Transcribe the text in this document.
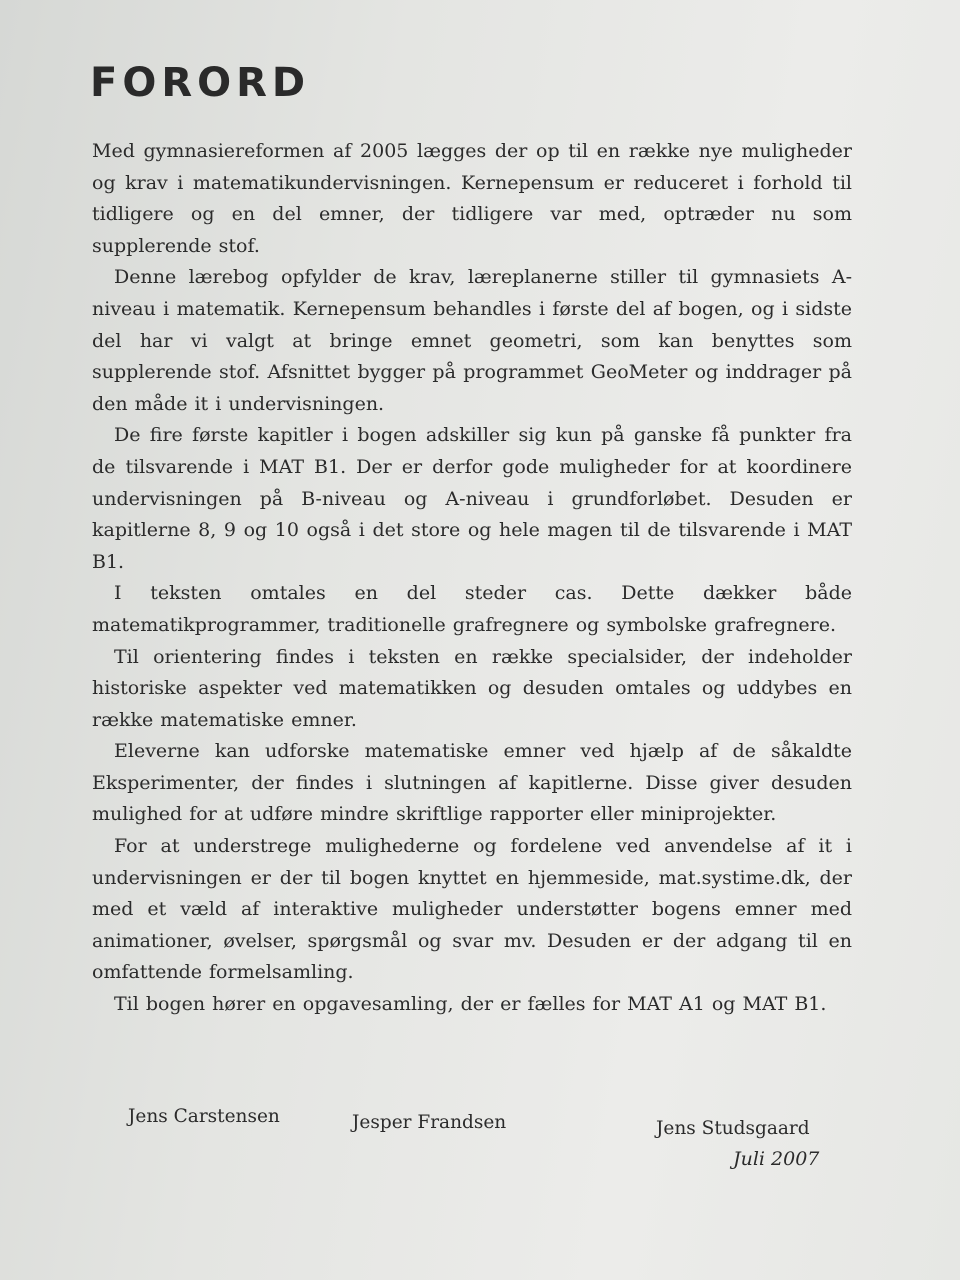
FORORD

Med gymnasiereformen af 2005 lægges der op til en række nye muligheder og krav i matematikundervisningen. Kernepensum er reduceret i forhold til tidligere og en del emner, der tidligere var med, optræder nu som supplerende stof.

Denne lærebog opfylder de krav, læreplanerne stiller til gymnasiets A-niveau i matematik. Kernepensum behandles i første del af bogen, og i sidste del har vi valgt at bringe emnet geometri, som kan benyttes som supplerende stof. Afsnittet bygger på programmet GeoMeter og inddrager på den måde it i undervisningen.

De fire første kapitler i bogen adskiller sig kun på ganske få punkter fra de tilsvarende i MAT B1. Der er derfor gode muligheder for at koordinere undervisningen på B-niveau og A-niveau i grundforløbet. Desuden er kapitlerne 8, 9 og 10 også i det store og hele magen til de tilsvarende i MAT B1.

I teksten omtales en del steder cas. Dette dækker både matematikprogrammer, traditionelle grafregnere og symbolske grafregnere.

Til orientering findes i teksten en række specialsider, der indeholder historiske aspekter ved matematikken og desuden omtales og uddybes en række matematiske emner.

Eleverne kan udforske matematiske emner ved hjælp af de såkaldte Eksperimenter, der findes i slutningen af kapitlerne. Disse giver desuden mulighed for at udføre mindre skriftlige rapporter eller miniprojekter.

For at understrege mulighederne og fordelene ved anvendelse af it i undervisningen er der til bogen knyttet en hjemmeside, mat.systime.dk, der med et væld af interaktive muligheder understøtter bogens emner med animationer, øvelser, spørgsmål og svar mv. Desuden er der adgang til en omfattende formelsamling.

Til bogen hører en opgavesamling, der er fælles for MAT A1 og MAT B1.

Jens Carstensen	Jesper Frandsen	Jens Studsgaard

Juli 2007
